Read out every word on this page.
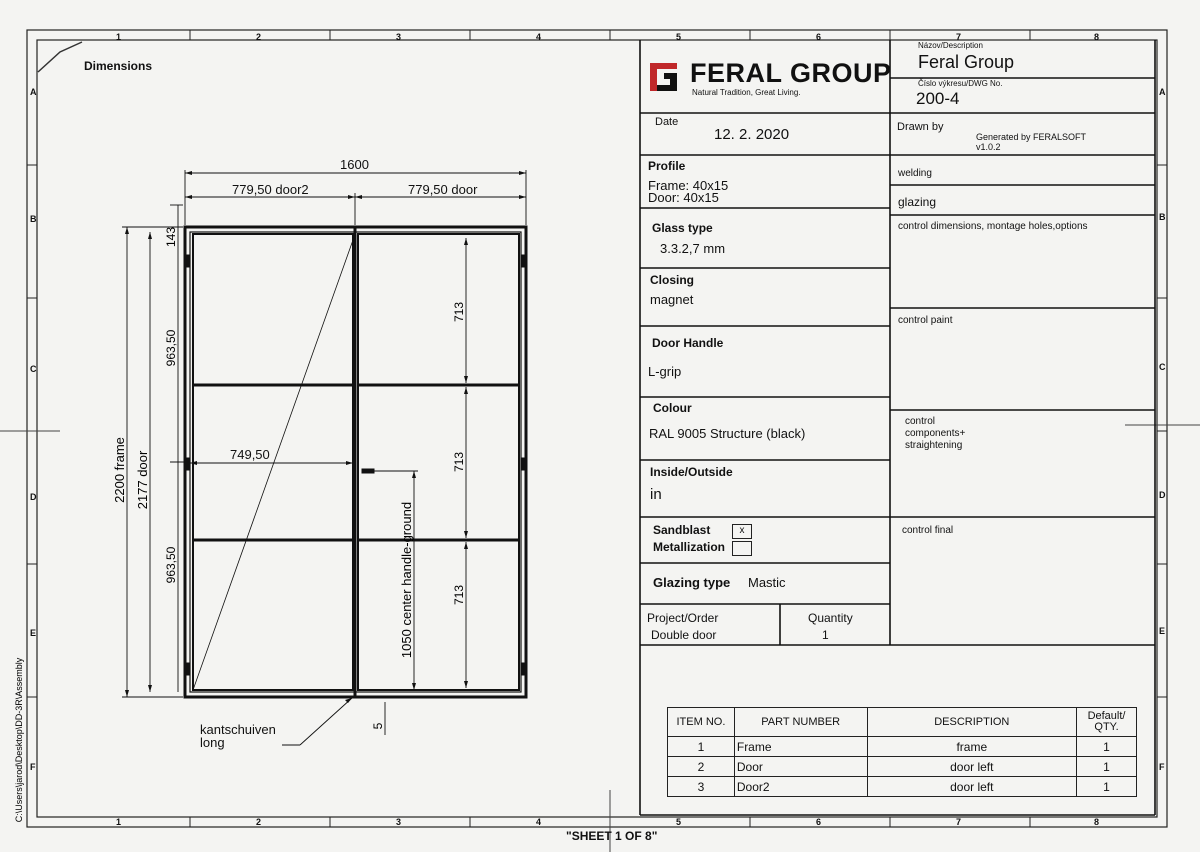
2200 frame 2177 door
143
963,50
963,50
713
713
713
1050 center handle-ground
5
C:\Users\jarod\Desktop\DD-3R\Assembly
1	2	3	4	5	6	7	8
1	2	3	4	5	6	7	8
A
B
C
D
E
F
A
B
C
D
E
F
Dimensions
1600
779,50 door2	779,50 door
749,50
kantschuiven long
"SHEET 1 OF 8"
FERAL GROUP
Natural Tradition, Great Living.
Názov/Description
Feral Group
Číslo výkresu/DWG No.
200-4
Date
12. 2. 2020	Drawn by
Generated by FERALSOFT v1.0.2
Profile
Frame: 40x15
Door: 40x15
Glass type
3.3.2,7 mm
Closing
magnet
Door Handle
L-grip
Colour
RAL 9005 Structure (black)
Inside/Outside
in
Sandblast	x
Metallization
Glazing type Mastic
Project/Order
Double door
Quantity
1
welding
glazing
control dimensions, montage holes,options
control paint
control components+ straightening
control final
ITEM NO.	PART NUMBER	DESCRIPTION	Default/ QTY.
1	Frame	frame	1
2	Door	door left	1
3	Door2	door left	1
